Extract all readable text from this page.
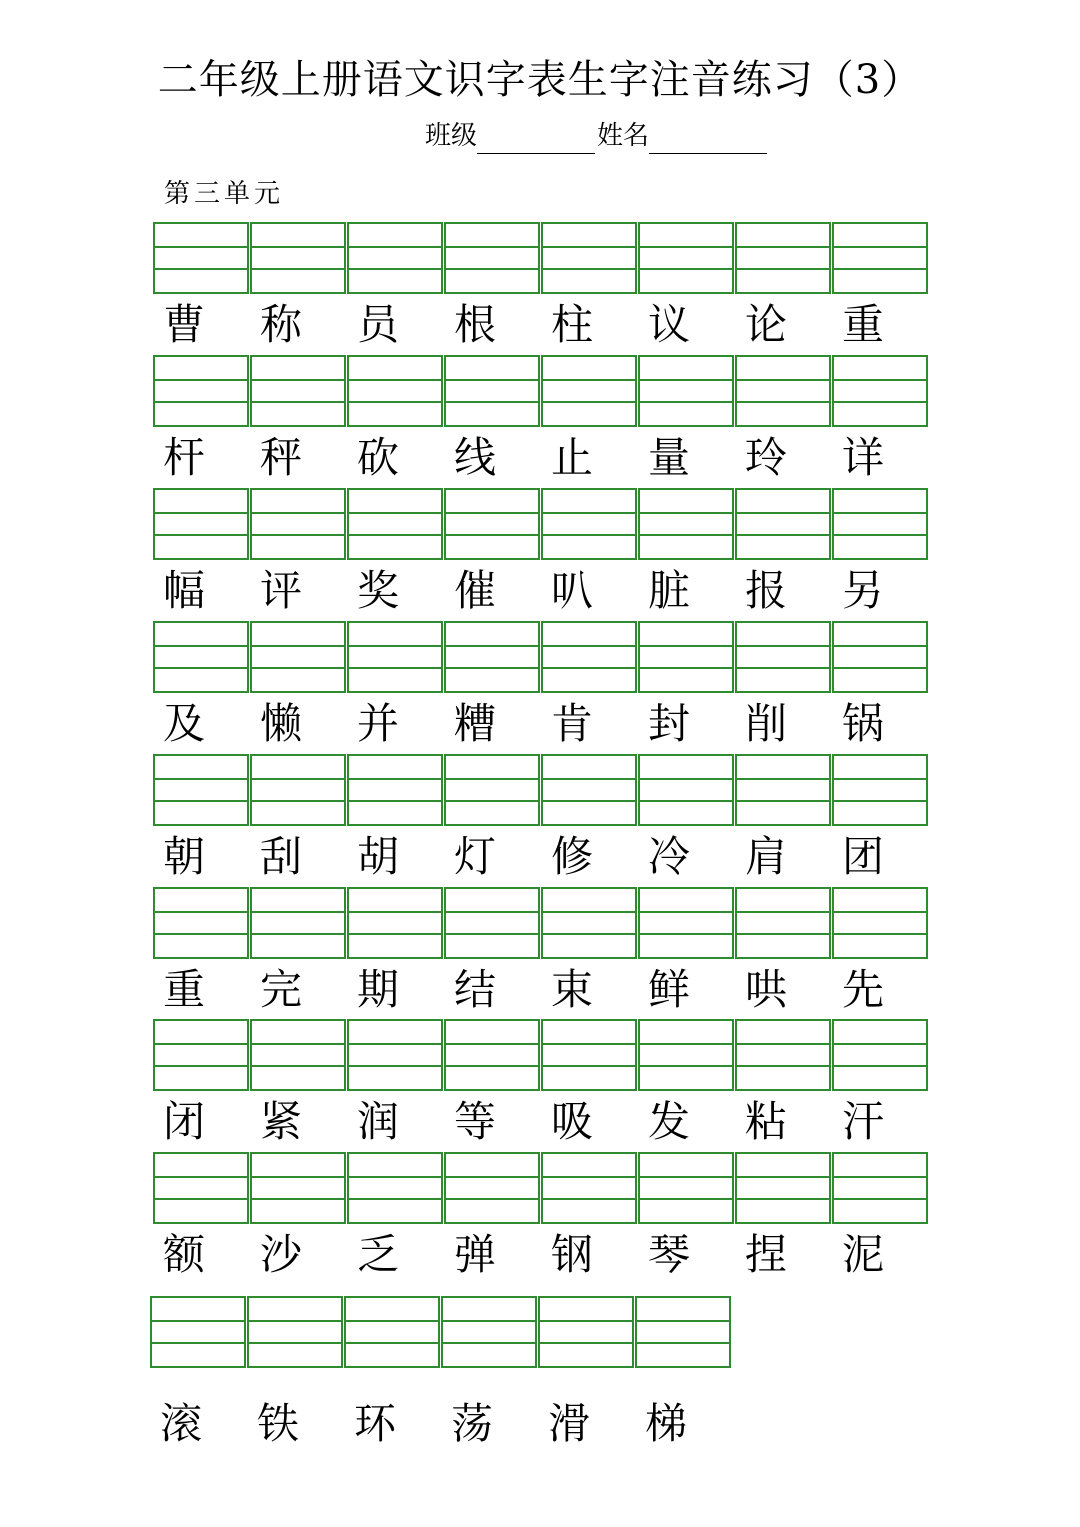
二年级上册语文识字表生字注音练习（3）
班级	姓名
第三单元
曹	称	员	根	柱	议	论	重
杆	秤	砍	线	止	量	玲	详
幅	评	奖	催	叭	脏	报	另
及	懒	并	糟	肯	封	削	锅
朝	刮	胡	灯	修	冷	肩	团
重	完	期	结	束	鲜	哄	先
闭	紧	润	等	吸	发	粘	汗
额	沙	乏	弹	钢	琴	捏	泥
滚	铁	环	荡	滑	梯
